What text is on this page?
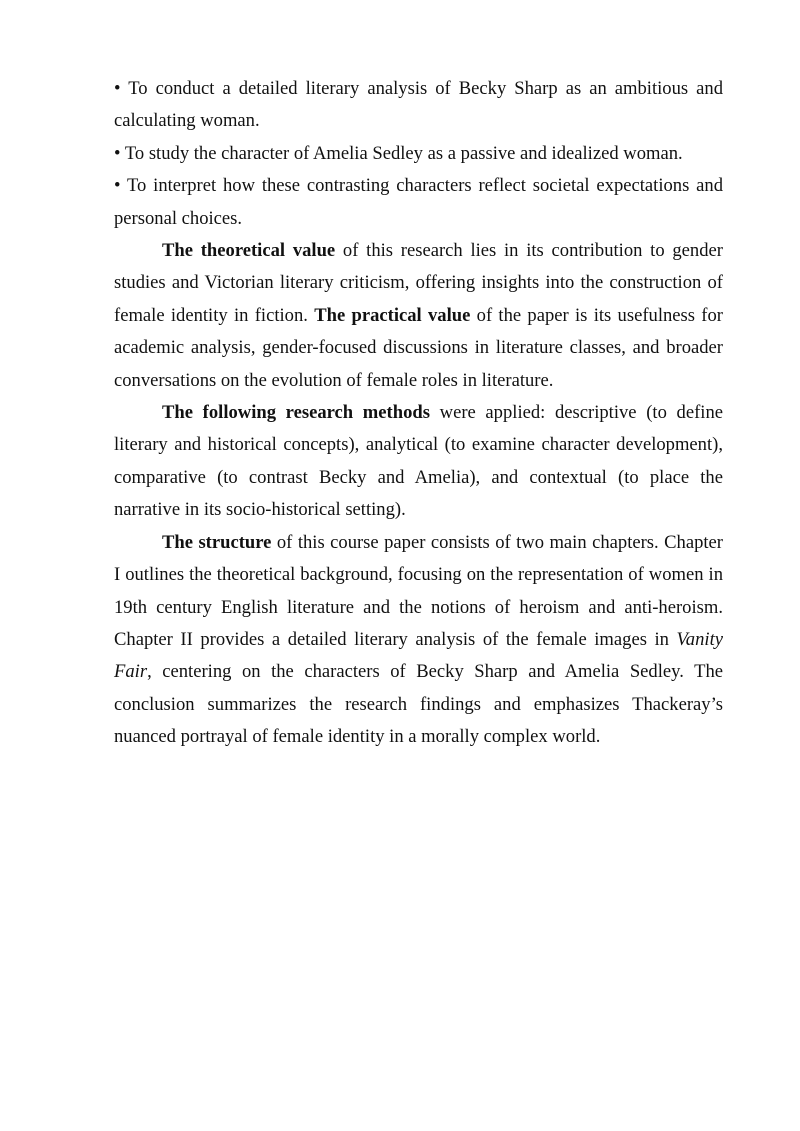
• To conduct a detailed literary analysis of Becky Sharp as an ambitious and calculating woman.

• To study the character of Amelia Sedley as a passive and idealized woman.

• To interpret how these contrasting characters reflect societal expectations and personal choices.

The theoretical value of this research lies in its contribution to gender studies and Victorian literary criticism, offering insights into the construction of female identity in fiction. The practical value of the paper is its usefulness for academic analysis, gender-focused discussions in literature classes, and broader conversations on the evolution of female roles in literature.

The following research methods were applied: descriptive (to define literary and historical concepts), analytical (to examine character development), comparative (to contrast Becky and Amelia), and contextual (to place the narrative in its socio-historical setting).

The structure of this course paper consists of two main chapters. Chapter I outlines the theoretical background, focusing on the representation of women in 19th century English literature and the notions of heroism and anti-heroism. Chapter II provides a detailed literary analysis of the female images in Vanity Fair, centering on the characters of Becky Sharp and Amelia Sedley. The conclusion summarizes the research findings and emphasizes Thackeray’s nuanced portrayal of female identity in a morally complex world.
